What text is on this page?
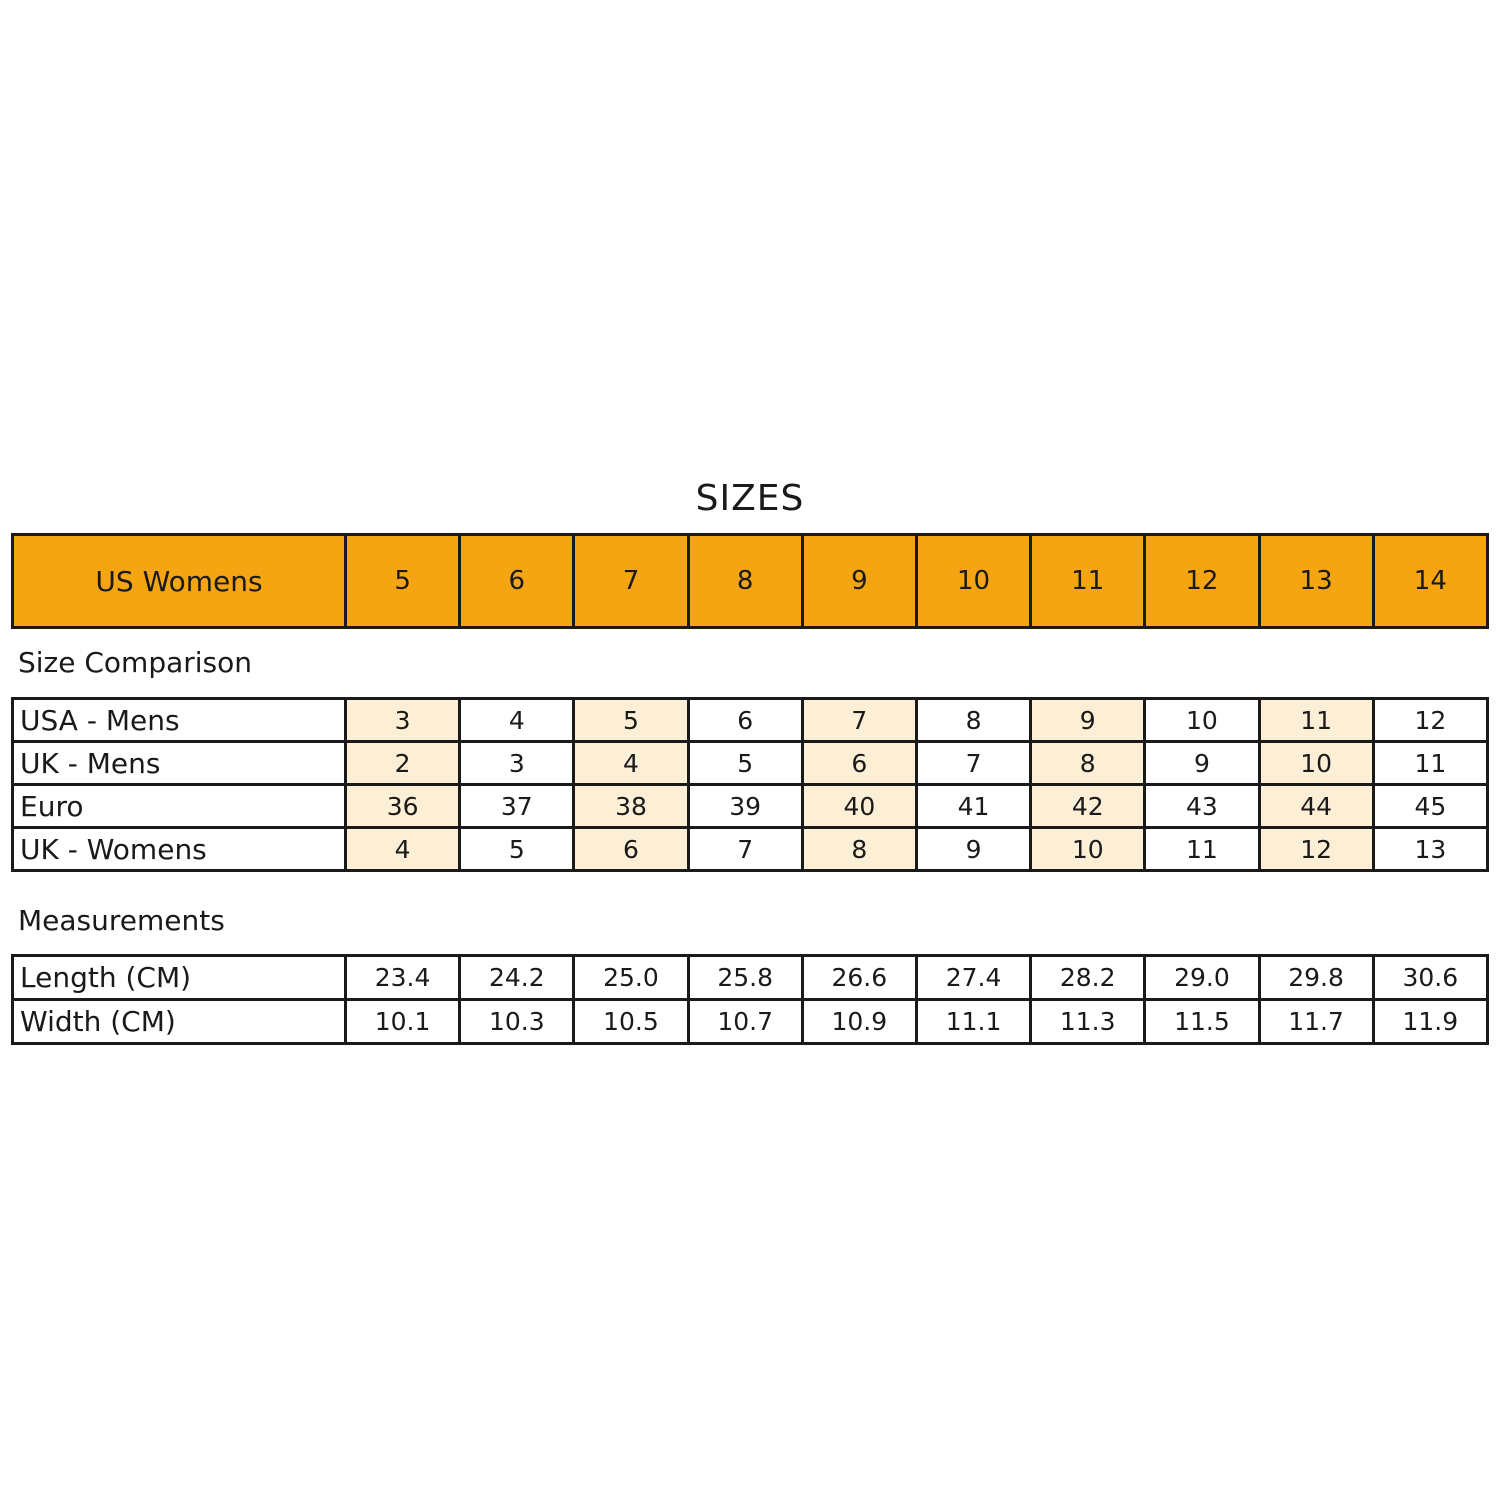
SIZES
US Womens	5	6	7	8	9	10	11	12	13	14
Size Comparison
USA - Mens	3	4	5	6	7	8	9	10	11	12
UK - Mens	2	3	4	5	6	7	8	9	10	11
Euro	36	37	38	39	40	41	42	43	44	45
UK - Womens	4	5	6	7	8	9	10	11	12	13
Measurements
Length (CM)	23.4	24.2	25.0	25.8	26.6	27.4	28.2	29.0	29.8	30.6
Width (CM)	10.1	10.3	10.5	10.7	10.9	11.1	11.3	11.5	11.7	11.9
